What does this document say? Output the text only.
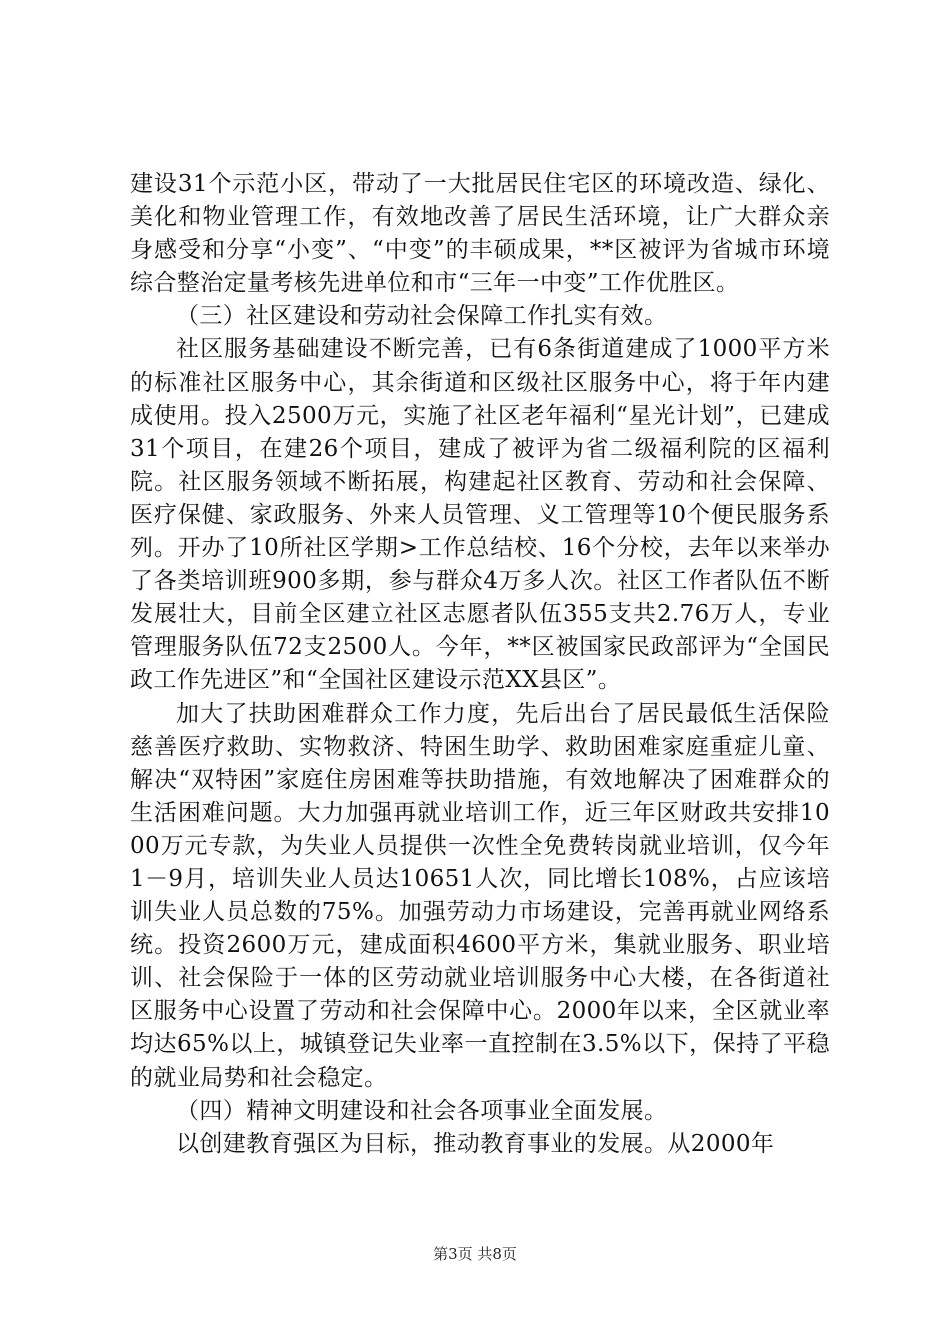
建设31个示范小区，带动了一大批居民住宅区的环境改造、绿化、美化和物业管理工作，有效地改善了居民生活环境，让广大群众亲身感受和分享“小变”、“中变”的丰硕成果，**区被评为省城市环境综合整治定量考核先进单位和市“三年一中变”工作优胜区。

（三）社区建设和劳动社会保障工作扎实有效。

社区服务基础建设不断完善，已有6条街道建成了1000平方米的标准社区服务中心，其余街道和区级社区服务中心，将于年内建成使用。投入2500万元，实施了社区老年福利“星光计划”，已建成31个项目，在建26个项目，建成了被评为省二级福利院的区福利院。社区服务领域不断拓展，构建起社区教育、劳动和社会保障、医疗保健、家政服务、外来人员管理、义工管理等10个便民服务系列。开办了10所社区学期>工作总结校、16个分校，去年以来举办了各类培训班900多期，参与群众4万多人次。社区工作者队伍不断发展壮大，目前全区建立社区志愿者队伍355支共2.76万人，专业管理服务队伍72支2500人。今年，**区被国家民政部评为“全国民政工作先进区”和“全国社区建设示范XX县区”。

加大了扶助困难群众工作力度，先后出台了居民最低生活保险慈善医疗救助、实物救济、特困生助学、救助困难家庭重症儿童、解决“双特困”家庭住房困难等扶助措施，有效地解决了困难群众的生活困难问题。大力加强再就业培训工作，近三年区财政共安排1000万元专款，为失业人员提供一次性全免费转岗就业培训，仅今年1－9月，培训失业人员达10651人次，同比增长108%，占应该培训失业人员总数的75%。加强劳动力市场建设，完善再就业网络系统。投资2600万元，建成面积4600平方米，集就业服务、职业培训、社会保险于一体的区劳动就业培训服务中心大楼，在各街道社区服务中心设置了劳动和社会保障中心。2000年以来，全区就业率均达65%以上，城镇登记失业率一直控制在3.5%以下，保持了平稳的就业局势和社会稳定。

（四）精神文明建设和社会各项事业全面发展。

以创建教育强区为目标，推动教育事业的发展。从2000年

第3页 共8页
